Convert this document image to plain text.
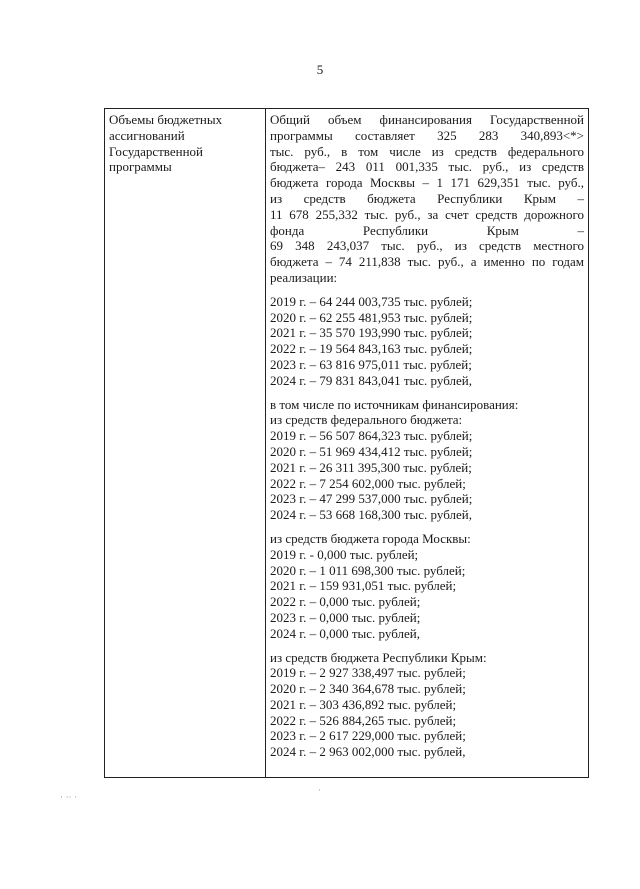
5
Объемы бюджетных
ассигнований
Государственной
программы

Общий объем финансирования Государственной
программы составляет 325 283 340,893<*>
тыс. руб., в том числе из средств федерального
бюджета– 243 011 001,335 тыс. руб., из средств
бюджета города Москвы – 1 171 629,351 тыс. руб.,
из средств бюджета Республики Крым –
11 678 255,332 тыс. руб., за счет средств дорожного
фонда Республики Крым –
69 348 243,037 тыс. руб., из средств местного
бюджета – 74 211,838 тыс. руб., а именно по годам
реализации:
2019 г. – 64 244 003,735 тыс. рублей;
2020 г. – 62 255 481,953 тыс. рублей;
2021 г. – 35 570 193,990 тыс. рублей;
2022 г. – 19 564 843,163 тыс. рублей;
2023 г. – 63 816 975,011 тыс. рублей;
2024 г. – 79 831 843,041 тыс. рублей,
в том числе по источникам финансирования:
из средств федерального бюджета:
2019 г. – 56 507 864,323 тыс. рублей;
2020 г. – 51 969 434,412 тыс. рублей;
2021 г. – 26 311 395,300 тыс. рублей;
2022 г. – 7 254 602,000 тыс. рублей;
2023 г. – 47 299 537,000 тыс. рублей;
2024 г. – 53 668 168,300 тыс. рублей,
из средств бюджета города Москвы:
2019 г. - 0,000 тыс. рублей;
2020 г. – 1 011 698,300 тыс. рублей;
2021 г. – 159 931,051 тыс. рублей;
2022 г. – 0,000 тыс. рублей;
2023 г. – 0,000 тыс. рублей;
2024 г. – 0,000 тыс. рублей,
из средств бюджета Республики Крым:
2019 г. – 2 927 338,497 тыс. рублей;
2020 г. – 2 340 364,678 тыс. рублей;
2021 г. – 303 436,892 тыс. рублей;
2022 г. – 526 884,265 тыс. рублей;
2023 г. – 2 617 229,000 тыс. рублей;
2024 г. – 2 963 002,000 тыс. рублей,
· ·· ·
·
